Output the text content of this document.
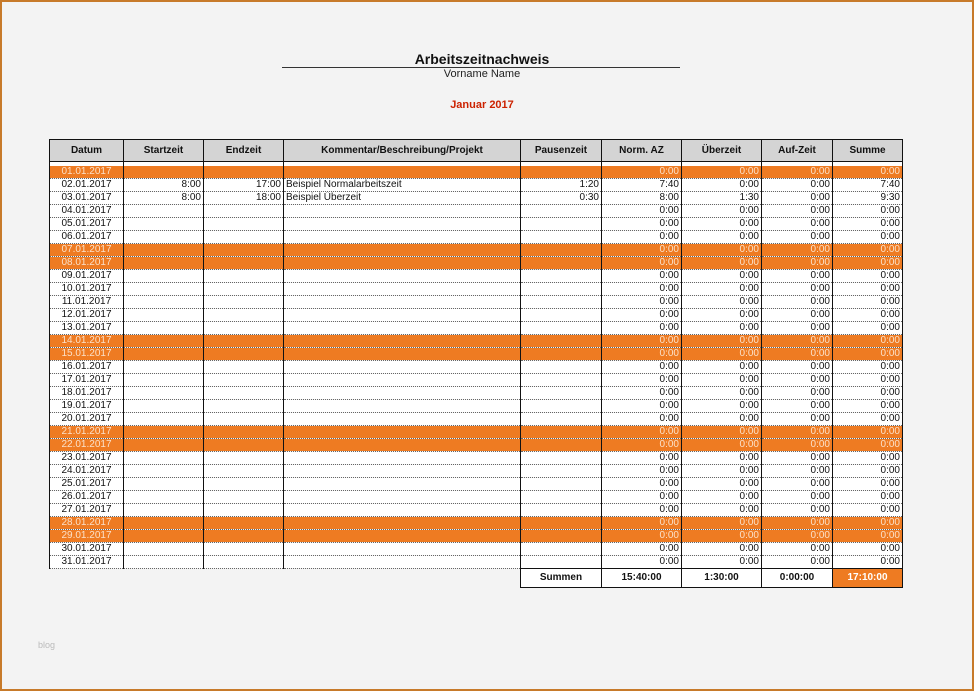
Arbeitszeitnachweis
Vorname Name
Januar 2017
Datum	Startzeit	Endzeit	Kommentar/Beschreibung/Projekt	Pausenzeit	Norm. AZ	Überzeit	Auf-Zeit	Summe

01.01.2017					0:00	0:00	0:00	0:00
02.01.2017	8:00	17:00	Beispiel Normalarbeitszeit	1:20	7:40	0:00	0:00	7:40
03.01.2017	8:00	18:00	Beispiel Überzeit	0:30	8:00	1:30	0:00	9:30
04.01.2017					0:00	0:00	0:00	0:00
05.01.2017					0:00	0:00	0:00	0:00
06.01.2017					0:00	0:00	0:00	0:00
07.01.2017					0:00	0:00	0:00	0:00
08.01.2017					0:00	0:00	0:00	0:00
09.01.2017					0:00	0:00	0:00	0:00
10.01.2017					0:00	0:00	0:00	0:00
11.01.2017					0:00	0:00	0:00	0:00
12.01.2017					0:00	0:00	0:00	0:00
13.01.2017					0:00	0:00	0:00	0:00
14.01.2017					0:00	0:00	0:00	0:00
15.01.2017					0:00	0:00	0:00	0:00
16.01.2017					0:00	0:00	0:00	0:00
17.01.2017					0:00	0:00	0:00	0:00
18.01.2017					0:00	0:00	0:00	0:00
19.01.2017					0:00	0:00	0:00	0:00
20.01.2017					0:00	0:00	0:00	0:00
21.01.2017					0:00	0:00	0:00	0:00
22.01.2017					0:00	0:00	0:00	0:00
23.01.2017					0:00	0:00	0:00	0:00
24.01.2017					0:00	0:00	0:00	0:00
25.01.2017					0:00	0:00	0:00	0:00
26.01.2017					0:00	0:00	0:00	0:00
27.01.2017					0:00	0:00	0:00	0:00
28.01.2017					0:00	0:00	0:00	0:00
29.01.2017					0:00	0:00	0:00	0:00
30.01.2017					0:00	0:00	0:00	0:00
31.01.2017					0:00	0:00	0:00	0:00
				Summen	15:40:00	1:30:00	0:00:00	17:10:00
blog
